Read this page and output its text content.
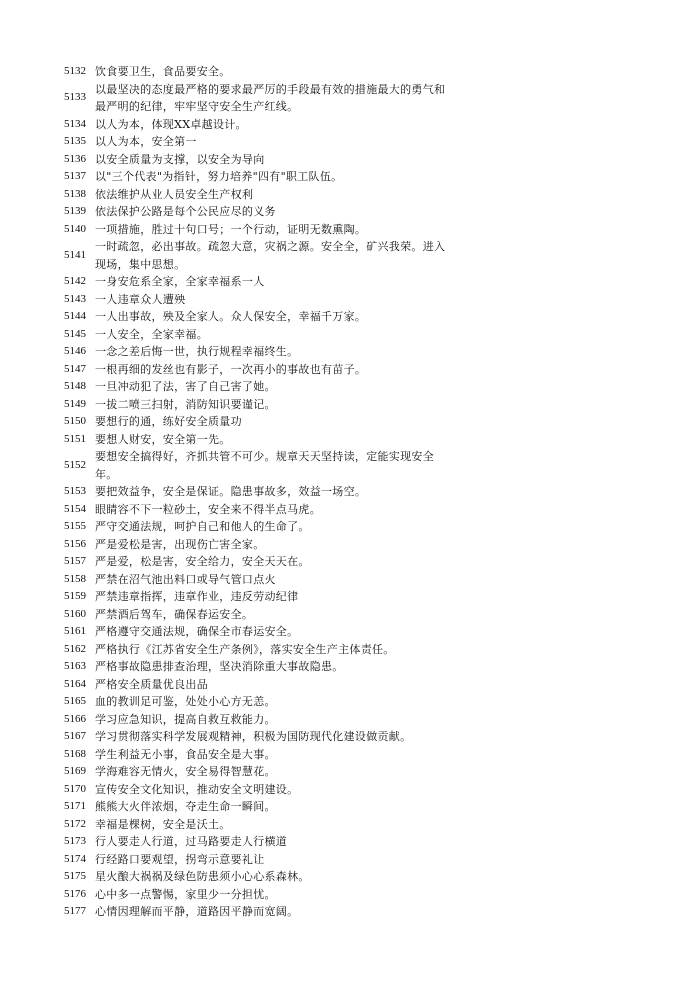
5132 饮食要卫生，食品要安全。
5133
以最坚决的态度最严格的要求最严厉的手段最有效的措施最大的勇气和最严明的纪律，牢牢坚守安全生产红线。
5134 以人为本，体现XX卓越设计。
5135 以人为本，安全第一
5136 以安全质量为支撑，以安全为导向
5137 以"三个代表"为指针，努力培养"四有"职工队伍。
5138 依法维护从业人员安全生产权利
5139 依法保护公路是每个公民应尽的义务
5140 一项措施，胜过十句口号；一个行动，证明无数熏陶。
5141
一时疏忽，必出事故。疏忽大意，灾祸之源。安全全，矿兴我荣。进入现场，集中思想。
5142 一身安危系全家，全家幸福系一人
5143 一人违章众人遭殃
5144 一人出事故，殃及全家人。众人保安全，幸福千万家。
5145 一人安全，全家幸福。
5146 一念之差后悔一世，执行规程幸福终生。
5147 一根再细的发丝也有影子，一次再小的事故也有苗子。
5148 一旦冲动犯了法，害了自己害了她。
5149 一拔二喷三扫射，消防知识要谨记。
5150 要想行的通，练好安全质量功
5151 要想人财安，安全第一先。
5152
要想安全搞得好，齐抓共管不可少。规章天天坚持读，定能实现安全年。
5153 要把效益争，安全是保证。隐患事故多，效益一场空。
5154 眼睛容不下一粒砂土，安全来不得半点马虎。
5155 严守交通法规，呵护自己和他人的生命了。
5156 严是爱松是害，出现伤亡害全家。
5157 严是爱，松是害，安全给力，安全天天在。
5158 严禁在沼气池出料口或导气管口点火
5159 严禁违章指挥，违章作业，违反劳动纪律
5160 严禁酒后驾车，确保春运安全。
5161 严格遵守交通法规，确保全市春运安全。
5162 严格执行《江苏省安全生产条例》，落实安全生产主体责任。
5163 严格事故隐患排查治理，坚决消除重大事故隐患。
5164 严格安全质量优良出品
5165 血的教训足可鉴，处处小心方无恙。
5166 学习应急知识，提高自救互救能力。
5167 学习贯彻落实科学发展观精神，积极为国防现代化建设做贡献。
5168 学生利益无小事，食品安全是大事。
5169 学海难容无情火，安全易得智慧花。
5170 宣传安全文化知识，推动安全文明建设。
5171 熊熊大火伴浓烟，夺走生命一瞬间。
5172 幸福是棵树，安全是沃土。
5173 行人要走人行道，过马路要走人行横道
5174 行经路口要观望，拐弯示意要礼让
5175 星火酿大祸祸及绿色防患须小心心系森林。
5176 心中多一点警惕，家里少一分担忧。
5177 心情因理解而平静，道路因平静而宽阔。
